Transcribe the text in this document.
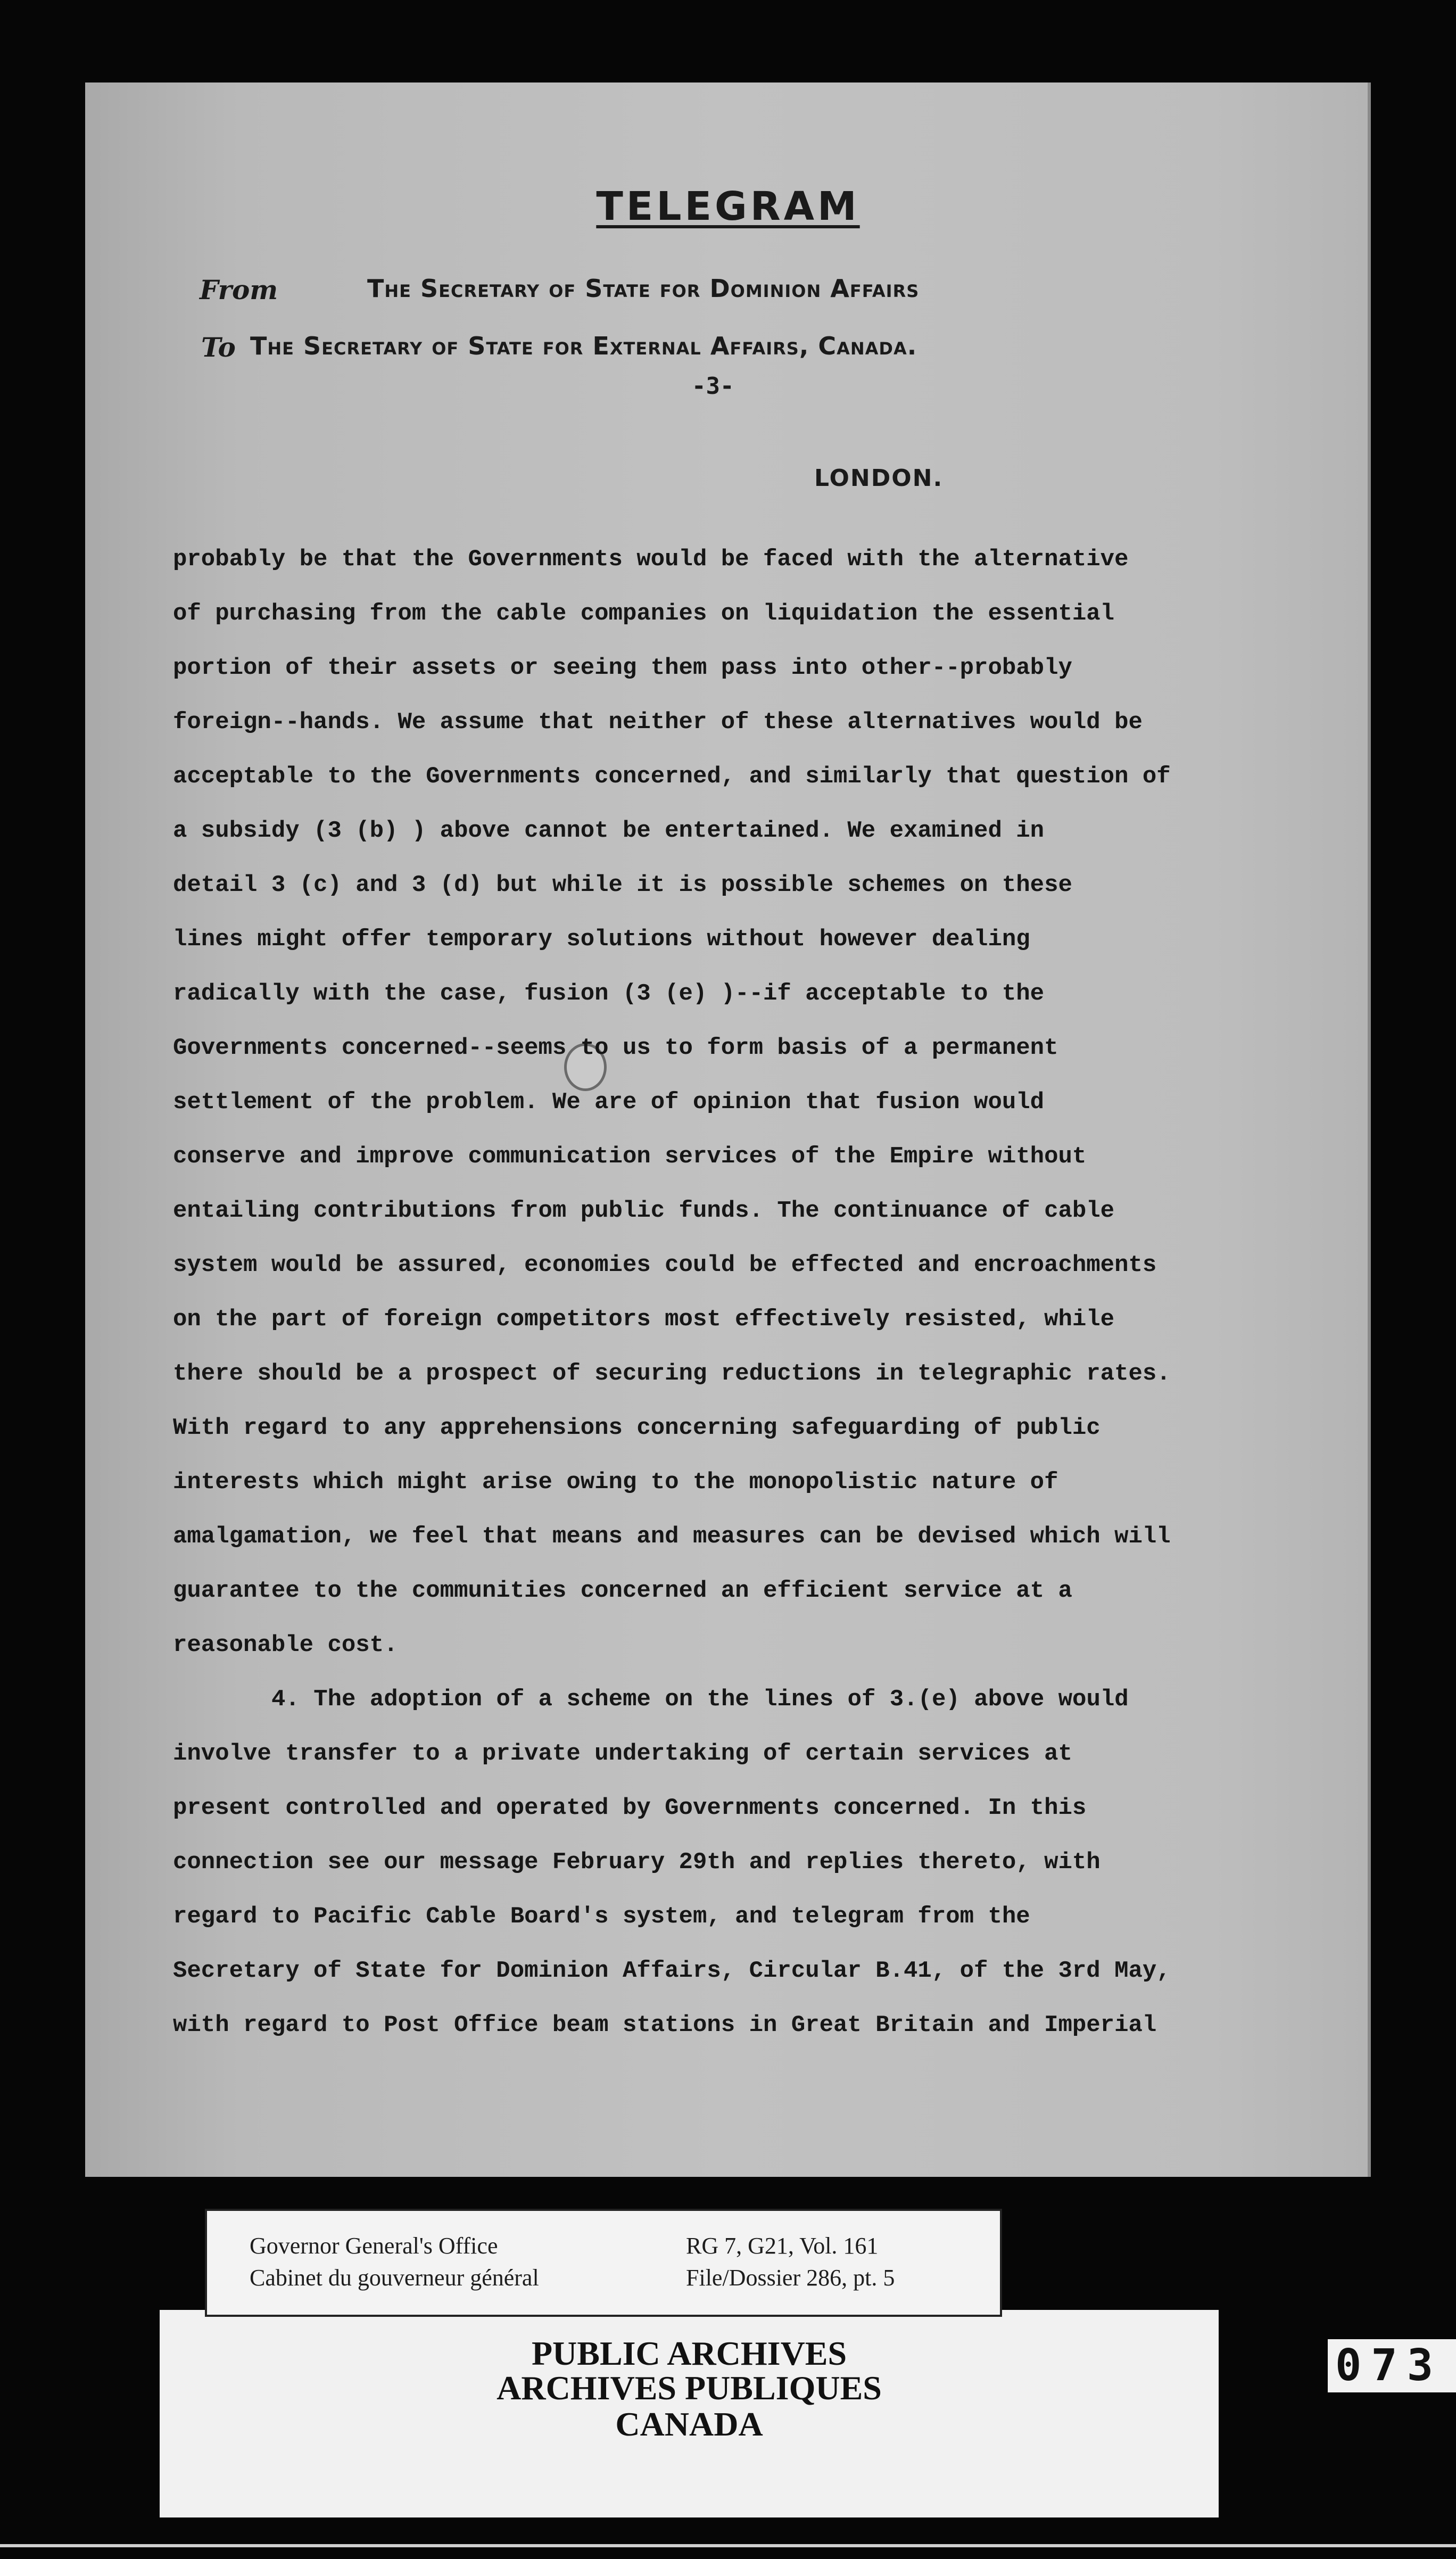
TELEGRAM
From	The Secretary of State for Dominion Affairs
To The Secretary of State for External Affairs, Canada.
-3-
LONDON.
probably be that the Governments would be faced with the alternative
of purchasing from the cable companies on liquidation the essential
portion of their assets or seeing them pass into other--probably
foreign--hands. We assume that neither of these alternatives would be
acceptable to the Governments concerned, and similarly that question of
a subsidy (3 (b) ) above cannot be entertained. We examined in
detail 3 (c) and 3 (d) but while it is possible schemes on these
lines might offer temporary solutions without however dealing
radically with the case, fusion (3 (e) )--if acceptable to the
Governments concerned--seems to us to form basis of a permanent
settlement of the problem. We are of opinion that fusion would
conserve and improve communication services of the Empire without
entailing contributions from public funds. The continuance of cable
system would be assured, economies could be effected and encroachments
on the part of foreign competitors most effectively resisted, while
there should be a prospect of securing reductions in telegraphic rates.
With regard to any apprehensions concerning safeguarding of public
interests which might arise owing to the monopolistic nature of
amalgamation, we feel that means and measures can be devised which will
guarantee to the communities concerned an efficient service at a
reasonable cost.
4. The adoption of a scheme on the lines of 3.(e) above would
involve transfer to a private undertaking of certain services at
present controlled and operated by Governments concerned. In this
connection see our message February 29th and replies thereto, with
regard to Pacific Cable Board's system, and telegram from the
Secretary of State for Dominion Affairs, Circular B.41, of the 3rd May,
with regard to Post Office beam stations in Great Britain and Imperial
PUBLIC ARCHIVES
ARCHIVES PUBLIQUES
CANADA
Governor General's Office
Cabinet du gouverneur général
RG 7, G21, Vol. 161
File/Dossier 286, pt. 5
073
